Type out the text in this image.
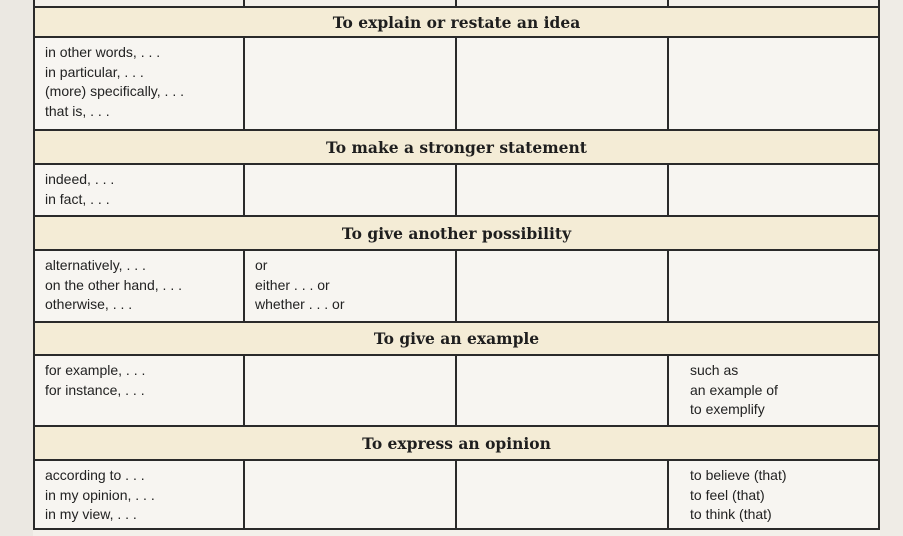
To explain or restate an idea
in other words, . . .
in particular, . . .
(more) specifically, . . .
that is, . . .
To make a stronger statement
indeed, . . .
in fact, . . .
To give another possibility
alternatively, . . .
on the other hand, . . .
otherwise, . . .
or
either . . . or
whether . . . or
To give an example
for example, . . .
for instance, . . .
such as
an example of
to exemplify
To express an opinion
according to . . .
in my opinion, . . .
in my view, . . .
to believe (that)
to feel (that)
to think (that)
